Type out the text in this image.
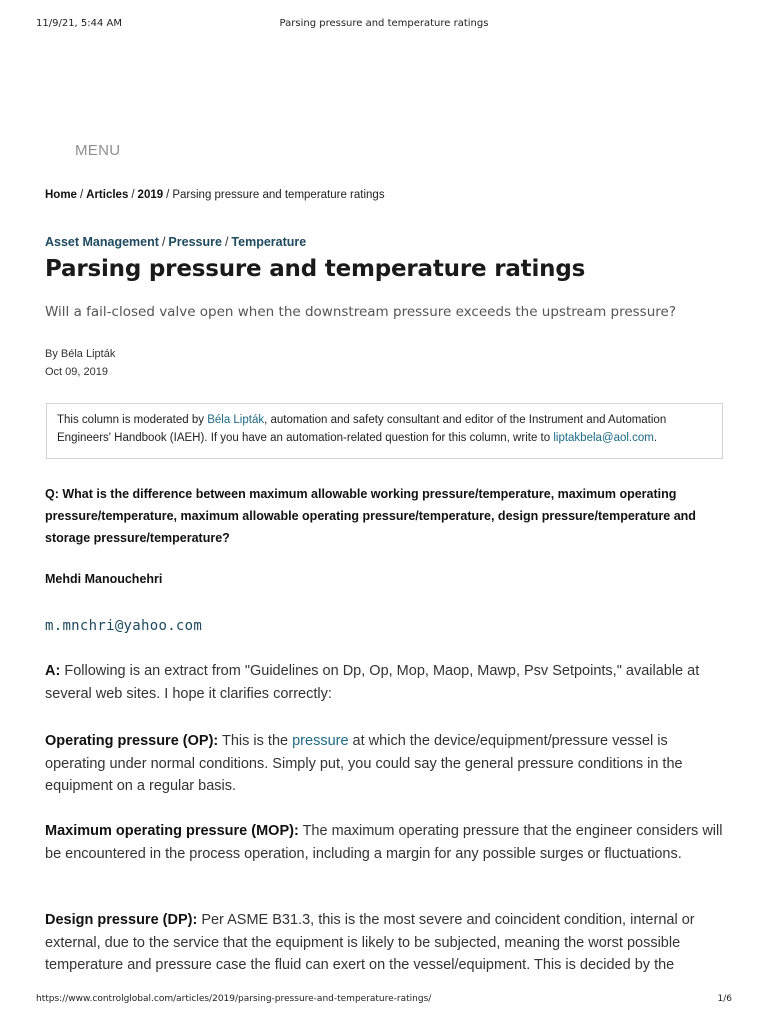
11/9/21, 5:44 AM	Parsing pressure and temperature ratings
MENU
Home / Articles / 2019 / Parsing pressure and temperature ratings
Asset Management / Pressure / Temperature
Parsing pressure and temperature ratings
Will a fail-closed valve open when the downstream pressure exceeds the upstream pressure?
By Béla Lipták
Oct 09, 2019
This column is moderated by Béla Lipták, automation and safety consultant and editor of the Instrument and Automation Engineers' Handbook (IAEH). If you have an automation-related question for this column, write to liptakbela@aol.com.
Q: What is the difference between maximum allowable working pressure/temperature, maximum operating pressure/temperature, maximum allowable operating pressure/temperature, design pressure/temperature and storage pressure/temperature?
Mehdi Manouchehri
m.mnchri@yahoo.com
A: Following is an extract from "Guidelines on Dp, Op, Mop, Maop, Mawp, Psv Setpoints," available at several web sites. I hope it clarifies correctly:
Operating pressure (OP): This is the pressure at which the device/equipment/pressure vessel is operating under normal conditions. Simply put, you could say the general pressure conditions in the equipment on a regular basis.
Maximum operating pressure (MOP): The maximum operating pressure that the engineer considers will be encountered in the process operation, including a margin for any possible surges or fluctuations.
Design pressure (DP): Per ASME B31.3, this is the most severe and coincident condition, internal or external, due to the service that the equipment is likely to be subjected, meaning the worst possible temperature and pressure case the fluid can exert on the vessel/equipment. This is decided by the
https://www.controlglobal.com/articles/2019/parsing-pressure-and-temperature-ratings/	1/6
